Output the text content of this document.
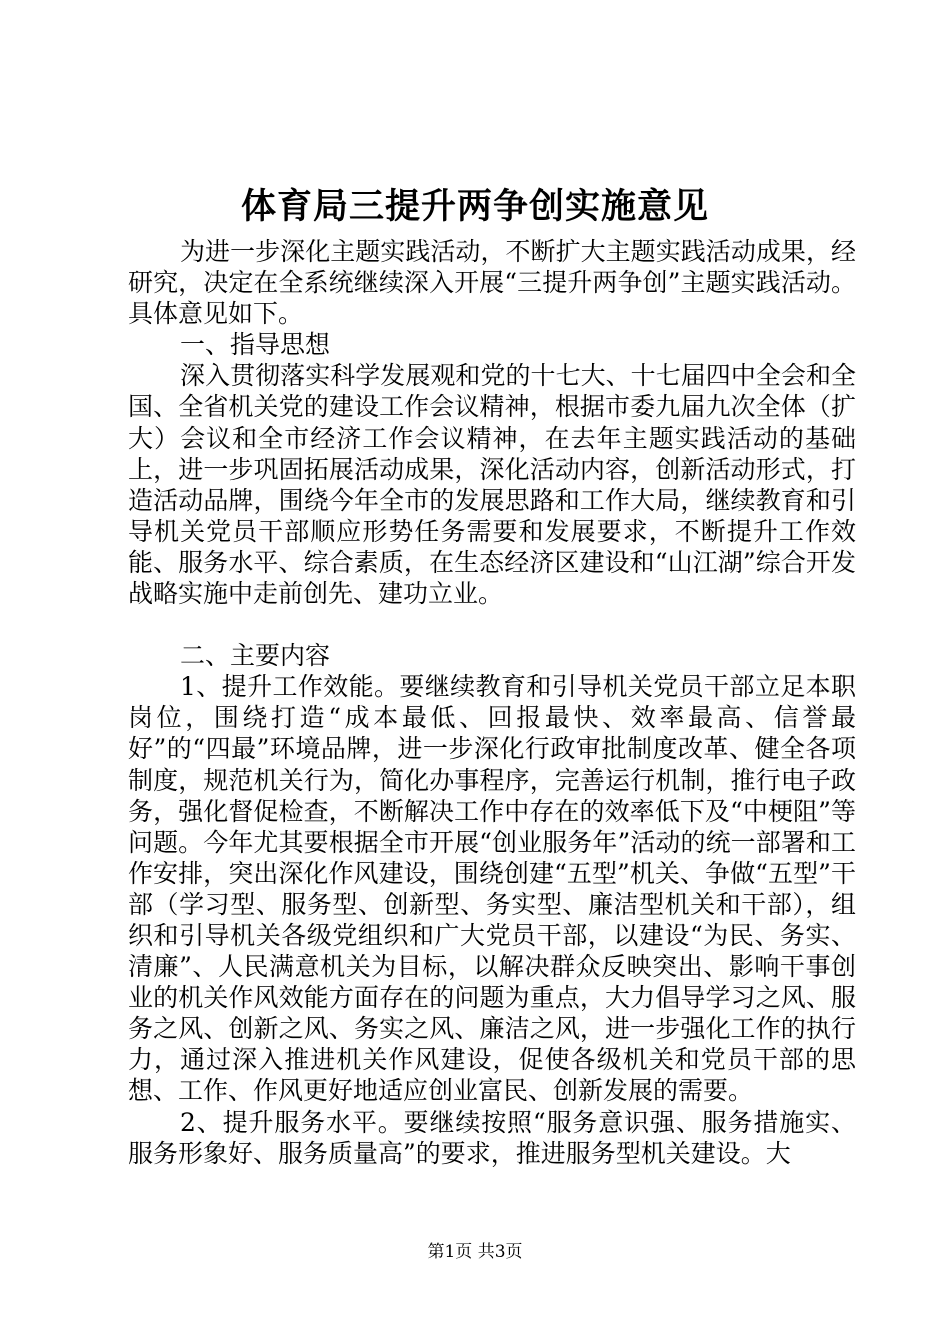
体育局三提升两争创实施意见

为进一步深化主题实践活动，不断扩大主题实践活动成果，经研究，决定在全系统继续深入开展“三提升两争创”主题实践活动。具体意见如下。

一、指导思想

深入贯彻落实科学发展观和党的十七大、十七届四中全会和全国、全省机关党的建设工作会议精神，根据市委九届九次全体（扩大）会议和全市经济工作会议精神，在去年主题实践活动的基础上，进一步巩固拓展活动成果，深化活动内容，创新活动形式，打造活动品牌，围绕今年全市的发展思路和工作大局，继续教育和引导机关党员干部顺应形势任务需要和发展要求，不断提升工作效能、服务水平、综合素质，在生态经济区建设和“山江湖”综合开发战略实施中走前创先、建功立业。

二、主要内容

1、提升工作效能。要继续教育和引导机关党员干部立足本职岗位，围绕打造“成本最低、回报最快、效率最高、信誉最好”的“四最”环境品牌，进一步深化行政审批制度改革、健全各项制度，规范机关行为，简化办事程序，完善运行机制，推行电子政务，强化督促检查，不断解决工作中存在的效率低下及“中梗阻”等问题。今年尤其要根据全市开展“创业服务年”活动的统一部署和工作安排，突出深化作风建设，围绕创建“五型”机关、争做“五型”干部（学习型、服务型、创新型、务实型、廉洁型机关和干部），组织和引导机关各级党组织和广大党员干部，以建设“为民、务实、清廉”、人民满意机关为目标，以解决群众反映突出、影响干事创业的机关作风效能方面存在的问题为重点，大力倡导学习之风、服务之风、创新之风、务实之风、廉洁之风，进一步强化工作的执行力，通过深入推进机关作风建设，促使各级机关和党员干部的思想、工作、作风更好地适应创业富民、创新发展的需要。

2、提升服务水平。要继续按照“服务意识强、服务措施实、服务形象好、服务质量高”的要求，推进服务型机关建设。大

第1页 共3页
